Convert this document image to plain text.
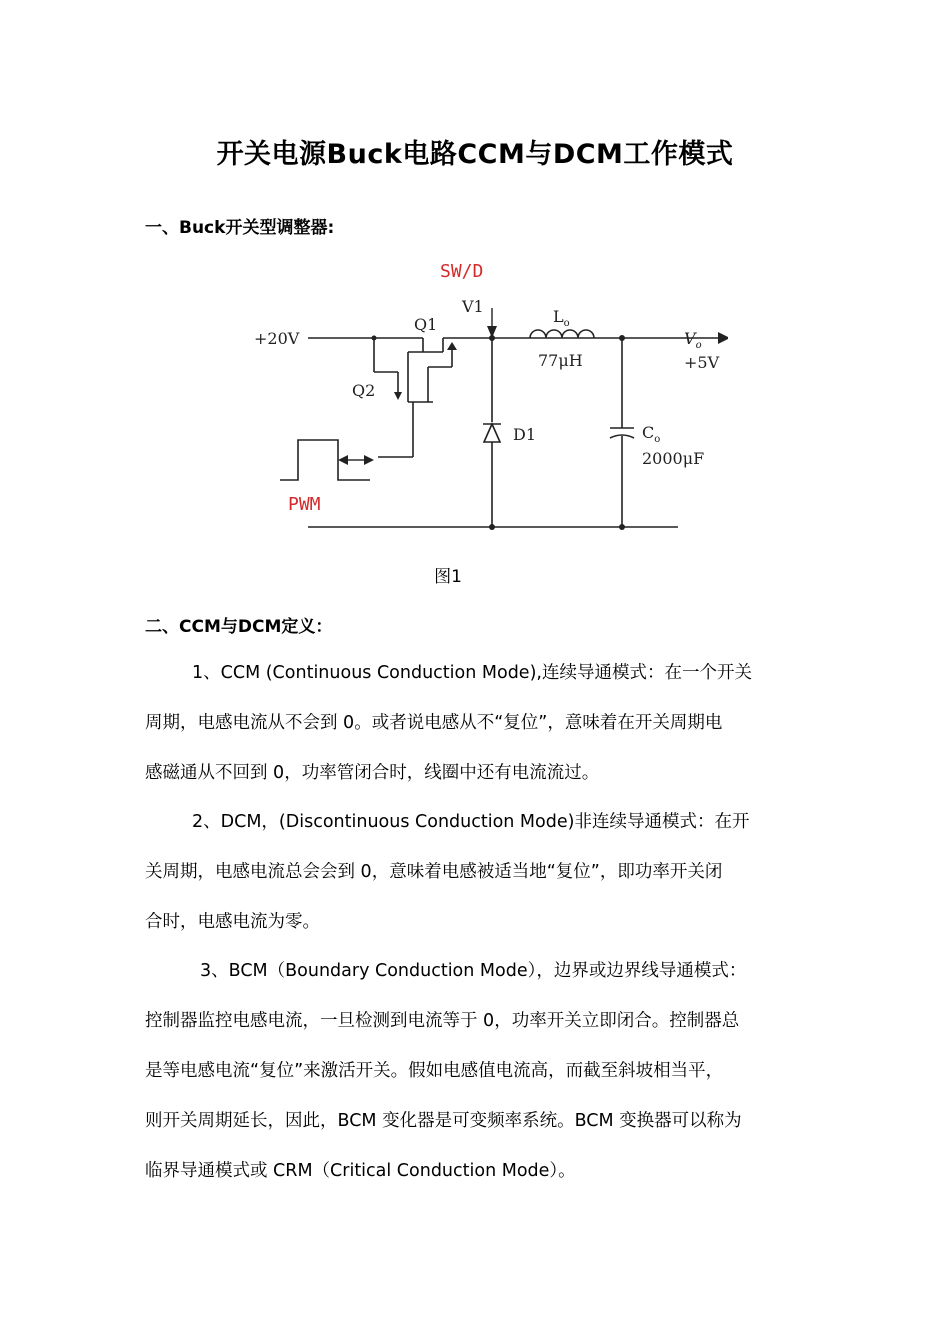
开关电源Buck电路CCM与DCM工作模式
一、Buck开关型调整器:
+20V
Q1
Q2
SW/D
V1
$L_o$
77μH
$V_o$
+5V
D1	$C_o$
2000μF
PWM
图1
二、CCM与DCM定义：
1、CCM (Continuous Conduction Mode),连续导通模式：在一个开关
周期，电感电流从不会到 0。或者说电感从不“复位”，意味着在开关周期电
感磁通从不回到 0，功率管闭合时，线圈中还有电流流过。
2、DCM，(Discontinuous Conduction Mode)非连续导通模式：在开
关周期，电感电流总会会到 0，意味着电感被适当地“复位”，即功率开关闭
合时，电感电流为零。
3、BCM（Boundary Conduction Mode），边界或边界线导通模式：
控制器监控电感电流，一旦检测到电流等于 0，功率开关立即闭合。控制器总
是等电感电流“复位”来激活开关。假如电感值电流高，而截至斜坡相当平，
则开关周期延长，因此，BCM 变化器是可变频率系统。BCM 变换器可以称为
临界导通模式或 CRM（Critical Conduction Mode）。
